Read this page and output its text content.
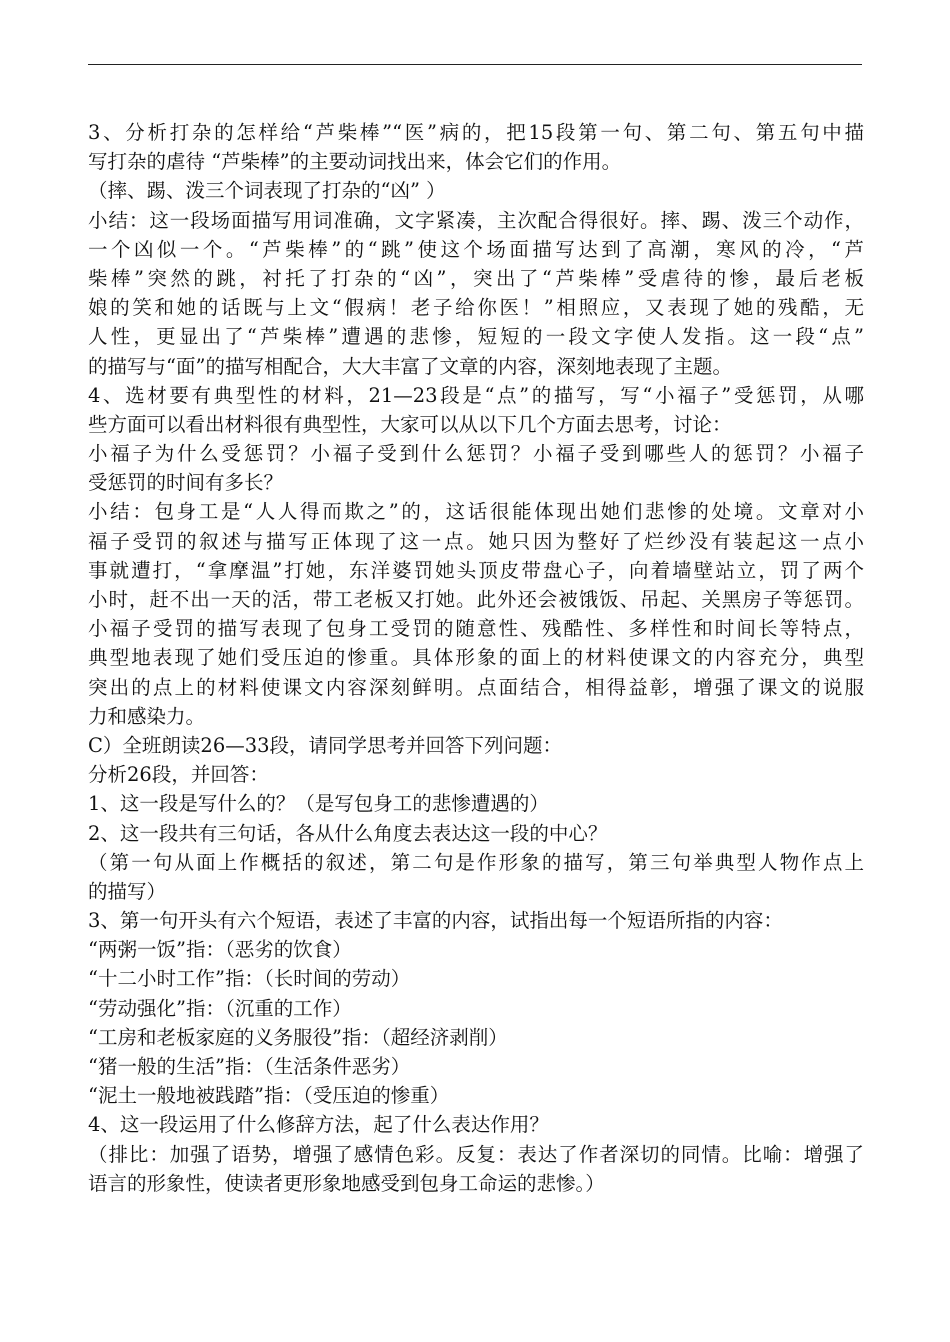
3、分析打杂的怎样给“芦柴棒”“医”病的，把15段第一句、第二句、第五句中描
写打杂的虐待 “芦柴棒”的主要动词找出来，体会它们的作用。
（摔、踢、泼三个词表现了打杂的“凶” ）
小结：这一段场面描写用词准确，文字紧凑，主次配合得很好。摔、踢、泼三个动作，
一个凶似一个。“芦柴棒”的“跳”使这个场面描写达到了高潮，寒风的冷，“芦
柴棒”突然的跳，衬托了打杂的“凶”，突出了“芦柴棒”受虐待的惨，最后老板
娘的笑和她的话既与上文“假病！老子给你医！”相照应，又表现了她的残酷，无
人性，更显出了“芦柴棒”遭遇的悲惨，短短的一段文字使人发指。这一段“点”
的描写与“面”的描写相配合，大大丰富了文章的内容，深刻地表现了主题。
4、选材要有典型性的材料，21—23段是“点”的描写，写“小福子”受惩罚，从哪
些方面可以看出材料很有典型性，大家可以从以下几个方面去思考，讨论：
小福子为什么受惩罚？小福子受到什么惩罚？小福子受到哪些人的惩罚？小福子
受惩罚的时间有多长？
小结：包身工是“人人得而欺之”的，这话很能体现出她们悲惨的处境。文章对小
福子受罚的叙述与描写正体现了这一点。她只因为整好了烂纱没有装起这一点小
事就遭打，“拿摩温”打她，东洋婆罚她头顶皮带盘心子，向着墙壁站立，罚了两个
小时，赶不出一天的活，带工老板又打她。此外还会被饿饭、吊起、关黑房子等惩罚。
小福子受罚的描写表现了包身工受罚的随意性、残酷性、多样性和时间长等特点，
典型地表现了她们受压迫的惨重。具体形象的面上的材料使课文的内容充分，典型
突出的点上的材料使课文内容深刻鲜明。点面结合，相得益彰，增强了课文的说服
力和感染力。
C）全班朗读26—33段，请同学思考并回答下列问题：
分析26段，并回答：
1、这一段是写什么的？（是写包身工的悲惨遭遇的）
2、这一段共有三句话，各从什么角度去表达这一段的中心？
（第一句从面上作概括的叙述，第二句是作形象的描写，第三句举典型人物作点上
的描写）
3、第一句开头有六个短语，表述了丰富的内容，试指出每一个短语所指的内容：
“两粥一饭”指：（恶劣的饮食）
“十二小时工作”指：（长时间的劳动）
“劳动强化”指：（沉重的工作）
“工房和老板家庭的义务服役”指：（超经济剥削）
“猪一般的生活”指：（生活条件恶劣）
“泥土一般地被践踏”指：（受压迫的惨重）
4、这一段运用了什么修辞方法，起了什么表达作用？
（排比：加强了语势，增强了感情色彩。反复：表达了作者深切的同情。比喻：增强了
语言的形象性，使读者更形象地感受到包身工命运的悲惨。）
